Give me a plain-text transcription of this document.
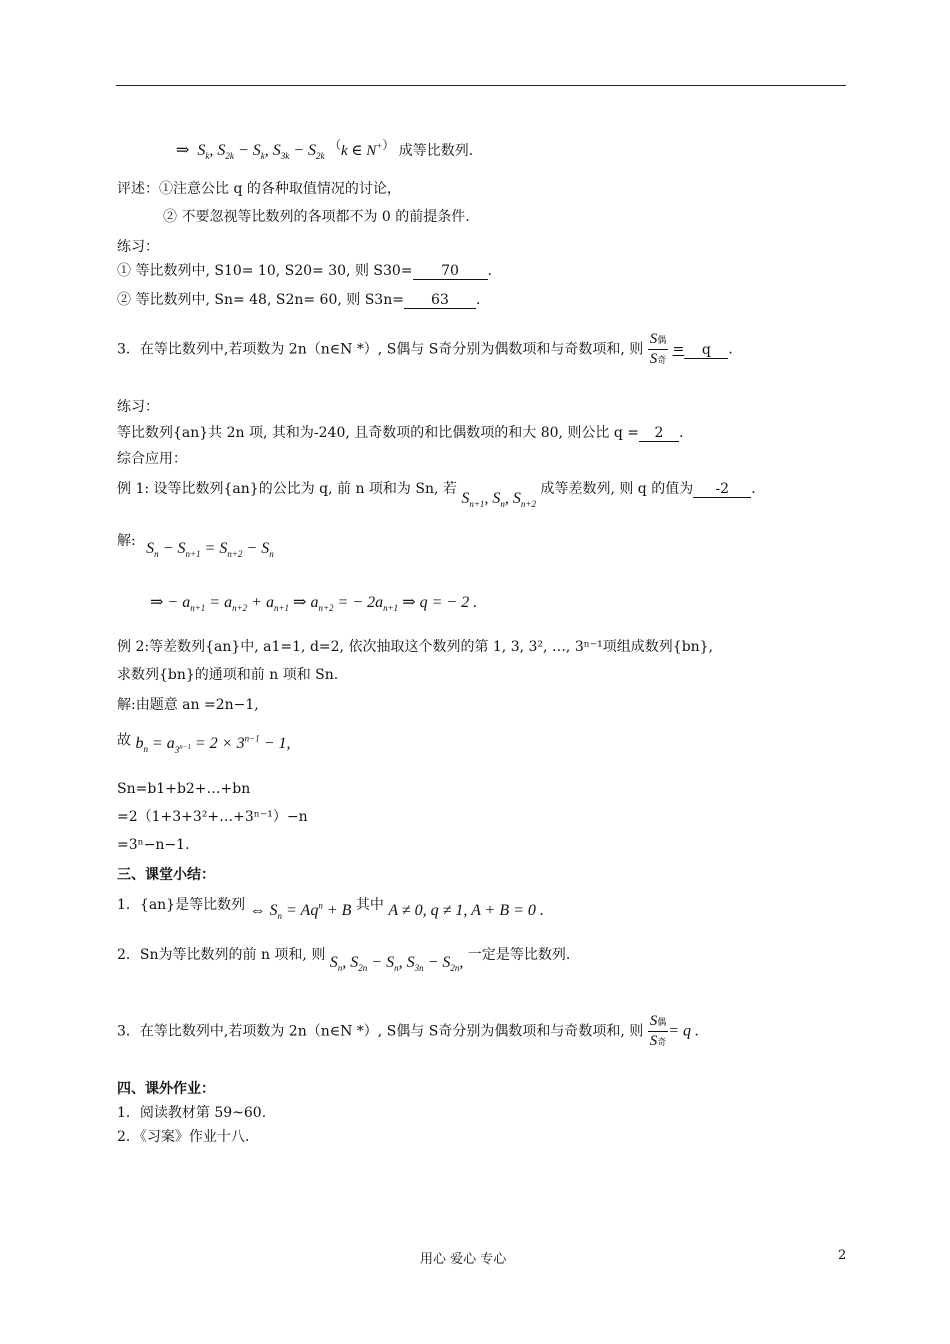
⇒  $S_k$, $S_{2k} - S_k$, $S_{3k} - S_{2k}$ （k ∈ N+） 成等比数列.
评述：①注意公比 q 的各种取值情况的讨论，
② 不要忽视等比数列的各项都不为 0 的前提条件.
练习：
① 等比数列中, S10= 10, S20= 30, 则 S30= 70 .
② 等比数列中, Sn= 48, S2n= 60, 则 S3n= 63 .
3．在等比数列中,若项数为 2n（n∈N *）, S偶与 S奇分别为偶数项和与奇数项和, 则 $\frac{\text{S偶}}{\text{S奇}} = q$ .
练习：
等比数列{an}共 2n 项, 其和为-240, 且奇数项的和比偶数项的和大 80, 则公比 q = 2 .
综合应用：
例 1: 设等比数列{an}的公比为 q, 前 n 项和为 Sn, 若 $S_{n+1}$, $S_n$, $S_{n+2}$ 成等差数列, 则 q 的值为 -2 .
解: $S_n - S_{n+1} = S_{n+2} - S_n$
⇒ − $a_{n+1} = a_{n+2} + a_{n+1}$ ⇒ $a_{n+2}$ = − $2a_{n+1}$ ⇒ q = − 2 .
例 2:等差数列{an}中, a1=1, d=2, 依次抽取这个数列的第 1, 3, 3², …, 3ⁿ⁻¹项组成数列{bn},
求数列{bn}的通项和前 n 项和 Sn.
解:由题意 an =2n−1,
故 $b_n = a_{3^{n-1}} = 2 \times 3^{n-1} - 1$,
Sn=b1+b2+…+bn
=2（1+3+3²+…+3ⁿ⁻¹）−n
=3ⁿ−n−1.
三、课堂小结：
1．{an}是等比数列 ⇔ $S_n = Aq^n + B$ 其中 A ≠ 0, q ≠ 1, A + B = 0 .
2．Sn为等比数列的前 n 项和, 则 $S_n$, $S_{2n} - S_n$, $S_{3n} - S_{2n}$, 一定是等比数列.
3．在等比数列中,若项数为 2n（n∈N *）, S偶与 S奇分别为偶数项和与奇数项和, 则 $\frac{\text{S偶}}{\text{S奇}} = q$ .
四、课外作业：
1．阅读教材第 59~60.
2．《习案》作业十八.
用心 爱心 专心	2
